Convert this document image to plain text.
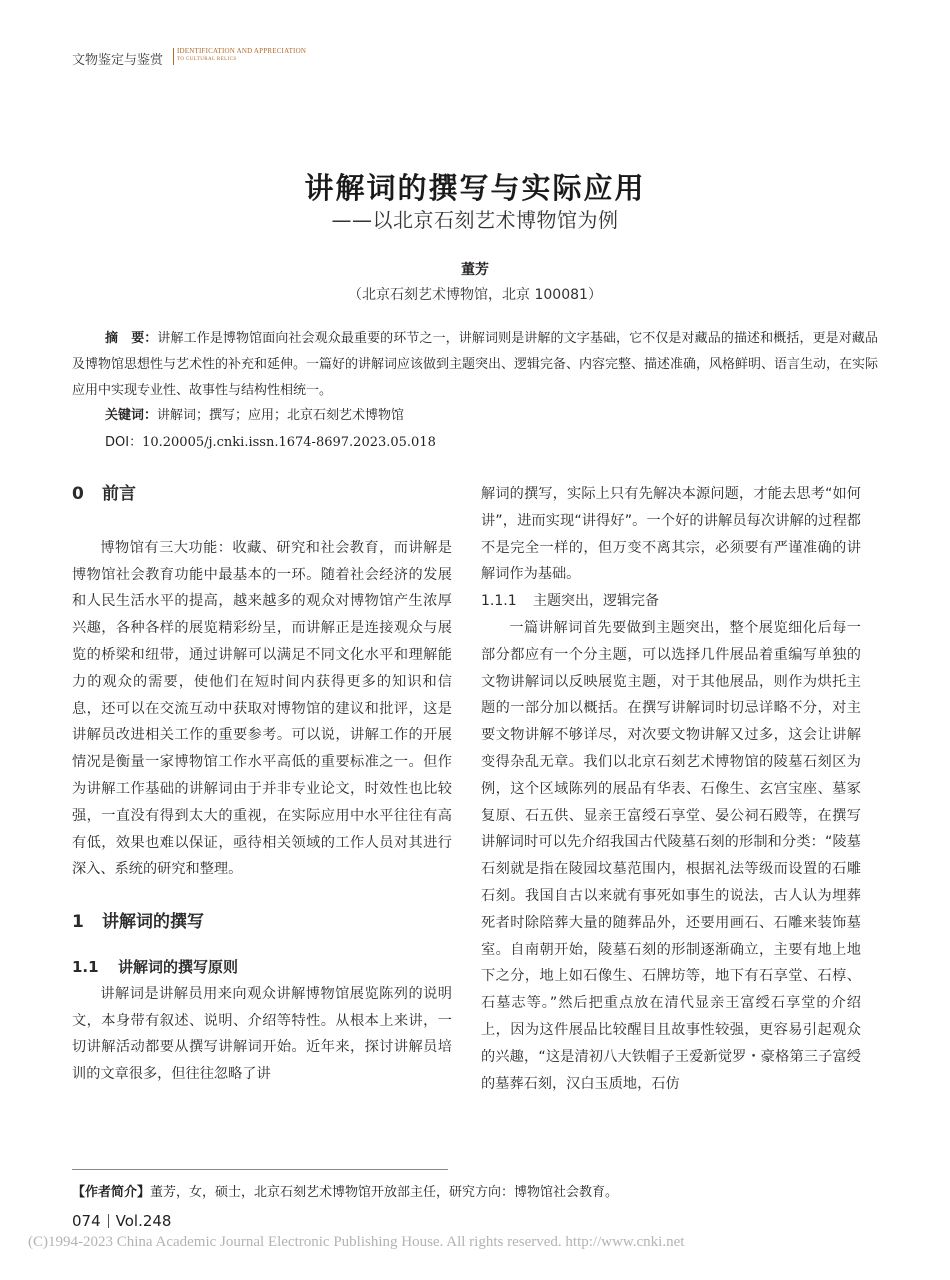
文物鉴定与鉴赏
IDENTIFICATION AND APPRECIATION
TO CULTURAL RELICS
讲解词的撰写与实际应用
——以北京石刻艺术博物馆为例
董芳
（北京石刻艺术博物馆，北京 100081）
摘　要：讲解工作是博物馆面向社会观众最重要的环节之一，讲解词则是讲解的文字基础，它不仅是对藏品的描述和概括，更是对藏品及博物馆思想性与艺术性的补充和延伸。一篇好的讲解词应该做到主题突出、逻辑完备、内容完整、描述准确，风格鲜明、语言生动，在实际应用中实现专业性、故事性与结构性相统一。
关键词：讲解词；撰写；应用；北京石刻艺术博物馆
DOI：10.20005/j.cnki.issn.1674-8697.2023.05.018
0 前言

博物馆有三大功能：收藏、研究和社会教育，而讲解是博物馆社会教育功能中最基本的一环。随着社会经济的发展和人民生活水平的提高，越来越多的观众对博物馆产生浓厚兴趣，各种各样的展览精彩纷呈，而讲解正是连接观众与展览的桥梁和纽带，通过讲解可以满足不同文化水平和理解能力的观众的需要，使他们在短时间内获得更多的知识和信息，还可以在交流互动中获取对博物馆的建议和批评，这是讲解员改进相关工作的重要参考。可以说，讲解工作的开展情况是衡量一家博物馆工作水平高低的重要标准之一。但作为讲解工作基础的讲解词由于并非专业论文，时效性也比较强，一直没有得到太大的重视，在实际应用中水平往往有高有低，效果也难以保证，亟待相关领域的工作人员对其进行深入、系统的研究和整理。

1 讲解词的撰写
1.1 讲解词的撰写原则

讲解词是讲解员用来向观众讲解博物馆展览陈列的说明文，本身带有叙述、说明、介绍等特性。从根本上来讲，一切讲解活动都要从撰写讲解词开始。近年来，探讨讲解员培训的文章很多，但往往忽略了讲

解词的撰写，实际上只有先解决本源问题，才能去思考“如何讲”，进而实现“讲得好”。一个好的讲解员每次讲解的过程都不是完全一样的，但万变不离其宗，必须要有严谨准确的讲解词作为基础。

1.1.1 主题突出，逻辑完备

一篇讲解词首先要做到主题突出，整个展览细化后每一部分都应有一个分主题，可以选择几件展品着重编写单独的文物讲解词以反映展览主题，对于其他展品，则作为烘托主题的一部分加以概括。在撰写讲解词时切忌详略不分，对主要文物讲解不够详尽，对次要文物讲解又过多，这会让讲解变得杂乱无章。我们以北京石刻艺术博物馆的陵墓石刻区为例，这个区域陈列的展品有华表、石像生、玄宫宝座、墓冢复原、石五供、显亲王富绶石享堂、晏公祠石殿等，在撰写讲解词时可以先介绍我国古代陵墓石刻的形制和分类：“陵墓石刻就是指在陵园坟墓范围内，根据礼法等级而设置的石雕石刻。我国自古以来就有事死如事生的说法，古人认为埋葬死者时除陪葬大量的随葬品外，还要用画石、石雕来装饰墓室。自南朝开始，陵墓石刻的形制逐渐确立，主要有地上地下之分，地上如石像生、石牌坊等，地下有石享堂、石椁、石墓志等。”然后把重点放在清代显亲王富绶石享堂的介绍上，因为这件展品比较醒目且故事性较强，更容易引起观众的兴趣，“这是清初八大铁帽子王爱新觉罗・豪格第三子富绶的墓葬石刻，汉白玉质地，石仿

【作者简介】董芳，女，硕士，北京石刻艺术博物馆开放部主任，研究方向：博物馆社会教育。
074 Vol.248
(C)1994-2023 China Academic Journal Electronic Publishing House. All rights reserved. http://www.cnki.net
